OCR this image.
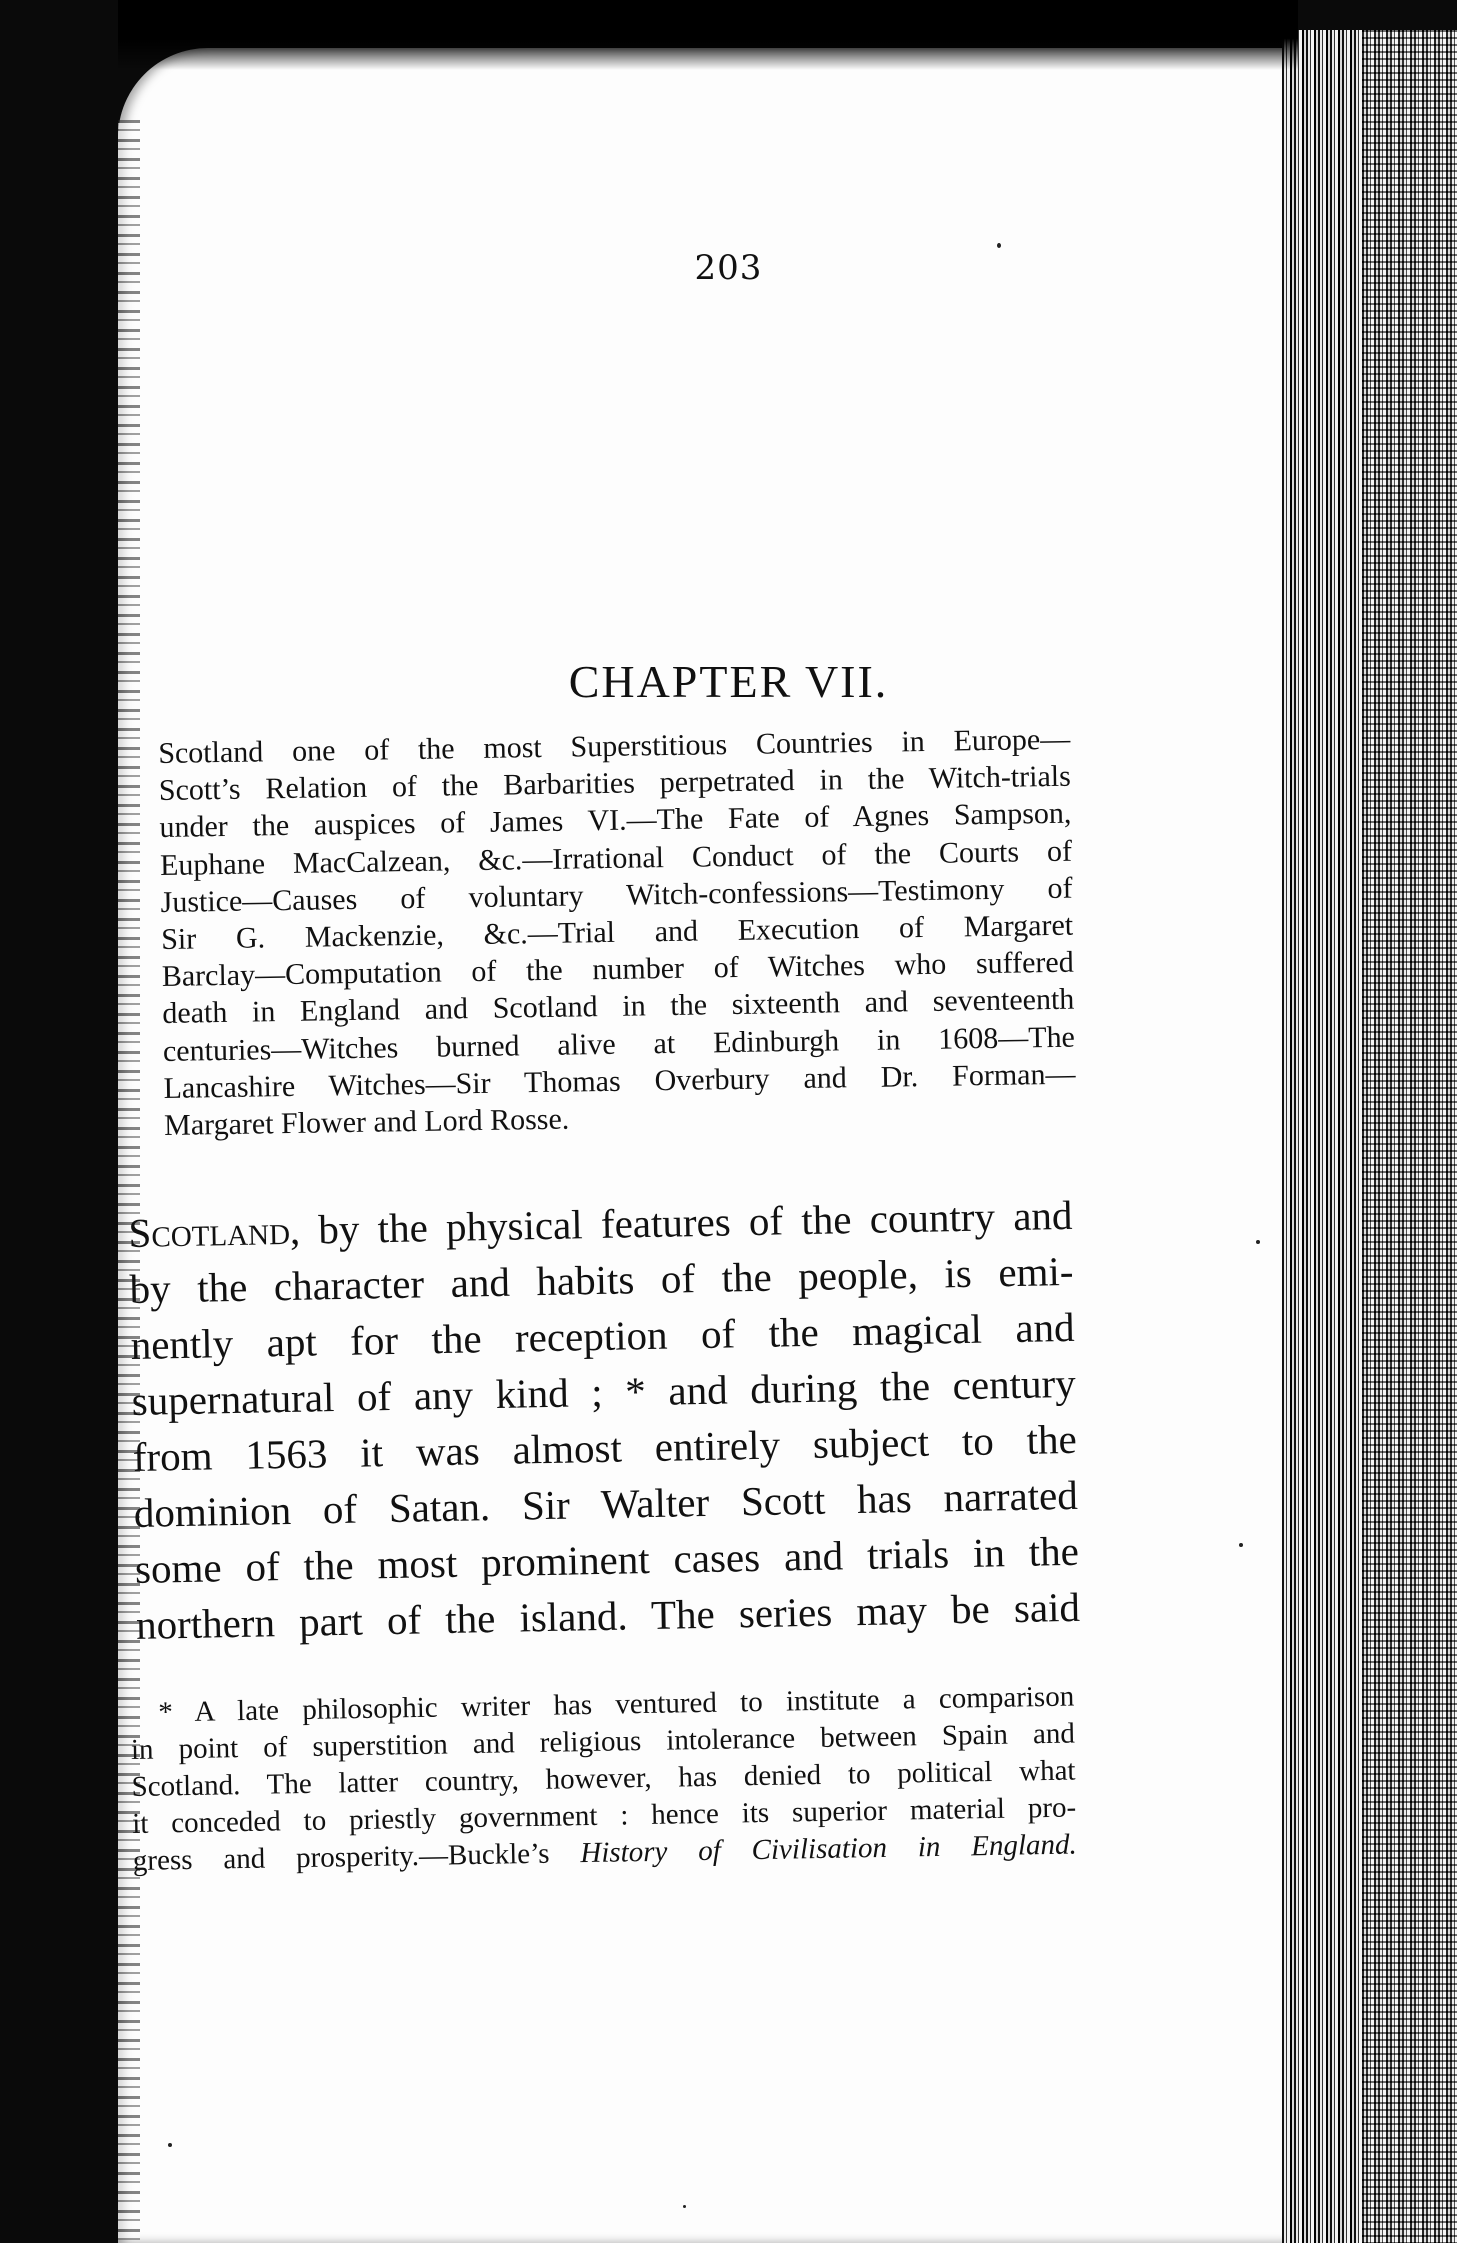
203
CHAPTER VII.
Scotland one of the most Superstitious Countries in Europe—
Scott’s Relation of the Barbarities perpetrated in the Witch-trials
under the auspices of James VI.—The Fate of Agnes Sampson,
Euphane MacCalzean, &c.—Irrational Conduct of the Courts of
Justice—Causes of voluntary Witch-confessions—Testimony of
Sir G. Mackenzie, &c.—Trial and Execution of Margaret
Barclay—Computation of the number of Witches who suffered
death in England and Scotland in the sixteenth and seventeenth
centuries—Witches burned alive at Edinburgh in 1608—The
Lancashire Witches—Sir Thomas Overbury and Dr. Forman—
Margaret Flower and Lord Rosse.
Scotland, by the physical features of the country and
by the character and habits of the people, is emi-
nently apt for the reception of the magical and
supernatural of any kind ; * and during the century
from 1563 it was almost entirely subject to the
dominion of Satan. Sir Walter Scott has narrated
some of the most prominent cases and trials in the
northern part of the island. The series may be said
* A late philosophic writer has ventured to institute a comparison
in point of superstition and religious intolerance between Spain and
Scotland. The latter country, however, has denied to political what
it conceded to priestly government : hence its superior material pro-
gress and prosperity.—Buckle’s History of Civilisation in England.
